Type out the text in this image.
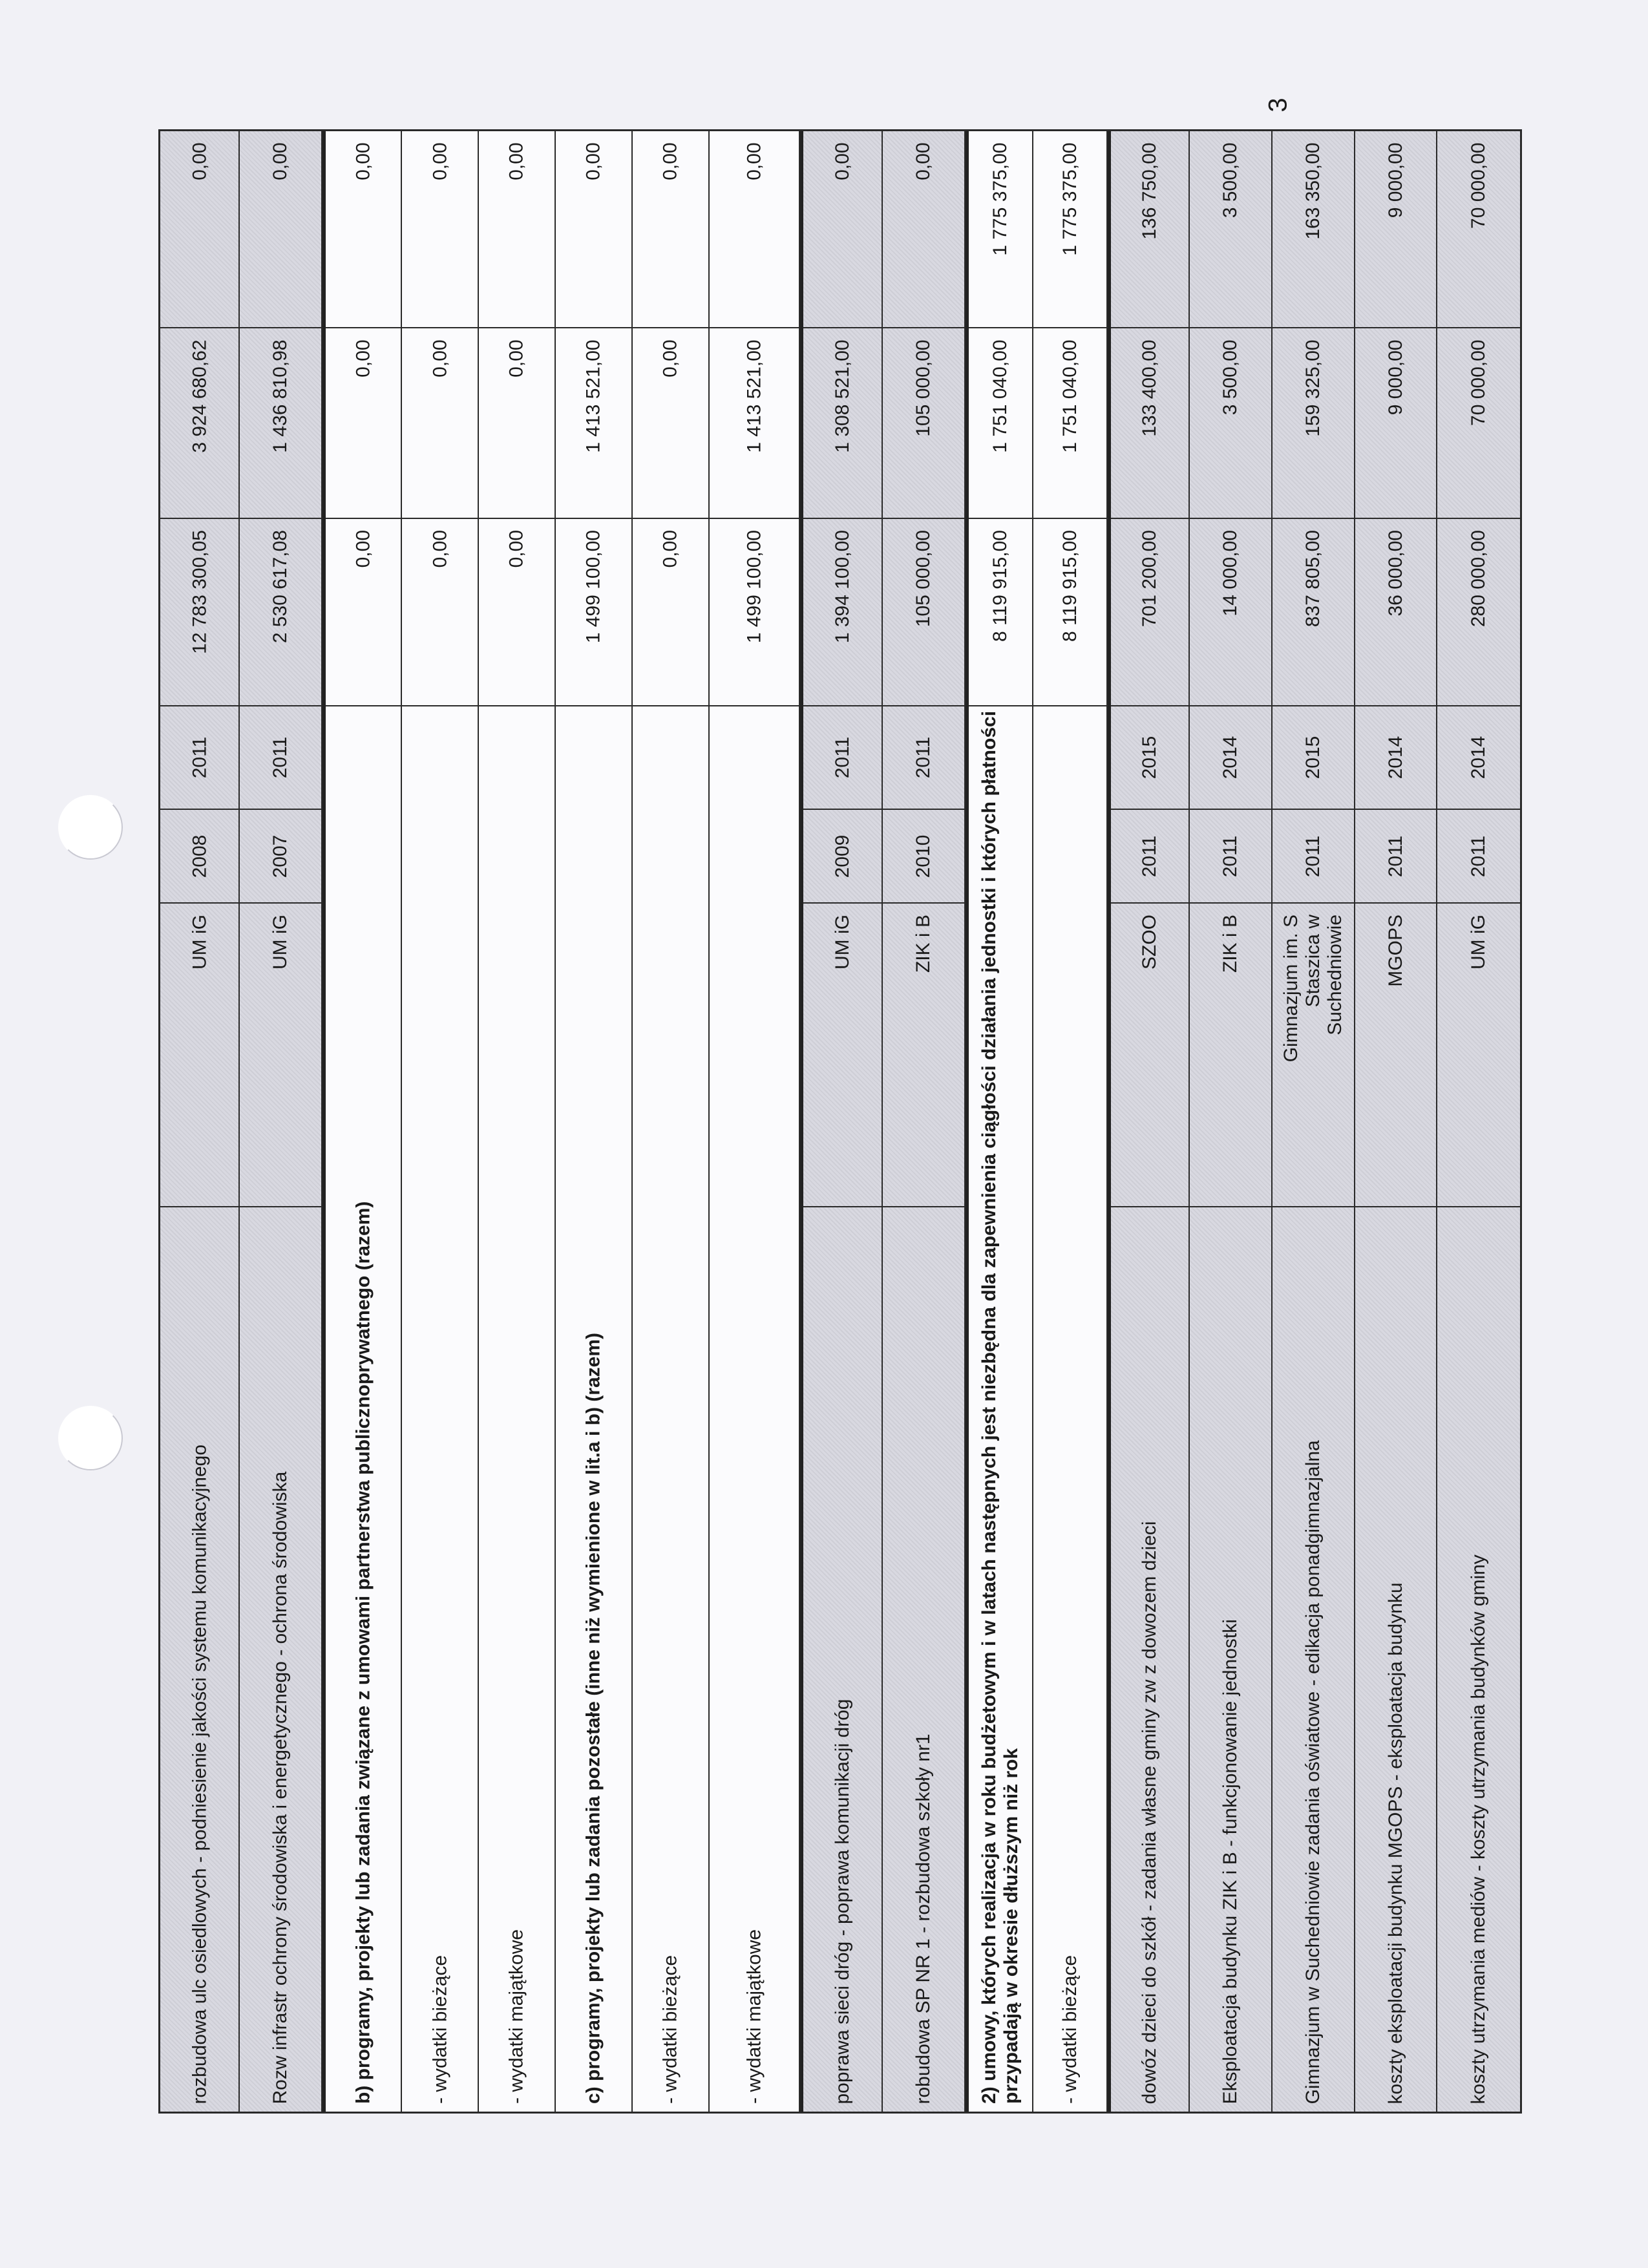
3
0,00
3 924 680,62
12 783 300,05
2011
2008
UM iG
rozbudowa ulc osiedlowych - podniesienie jakości systemu komunikacyjnego
0,00
1 436 810,98
2 530 617,08
2011
2007
UM iG
Rozw infrastr ochrony środowiska i energetycznego - ochrona środowiska
0,00
0,00
0,00
b) programy, projekty lub zadania związane z umowami partnerstwa publicznoprywatnego (razem)
0,00
0,00
0,00
- wydatki bieżące
0,00
0,00
0,00
- wydatki majątkowe
0,00
1 413 521,00
1 499 100,00
c) programy, projekty lub zadania pozostałe (inne niż wymienione w lit.a i b) (razem)
0,00
0,00
0,00
- wydatki bieżące
0,00
1 413 521,00
1 499 100,00
- wydatki majątkowe
0,00
1 308 521,00
1 394 100,00
2011
2009
UM iG
poprawa sieci dróg - poprawa komunikacji dróg
0,00
105 000,00
105 000,00
2011
2010
ZIK i B
robudowa SP NR 1 - rozbudowa szkoły nr1
1 775 375,00
1 751 040,00
8 119 915,00
2) umowy, których realizacja w roku budżetowym i w latach następnych jest niezbędna dla zapewnienia ciągłości działania jednostki i których płatności przypadają w okresie dłuższym niż rok
1 775 375,00
1 751 040,00
8 119 915,00
- wydatki bieżące
136 750,00
133 400,00
701 200,00
2015
2011
SZOO
dowóz dzieci do szkół - zadania własne gminy zw z dowozem dzieci
3 500,00
3 500,00
14 000,00
2014
2011
ZIK i B
Eksploatacja budynku ZIK i B - funkcjonowanie jednostki
163 350,00
159 325,00
837 805,00
2015
2011
Gimnazjum im. S
Staszica w
Suchedniowie
Gimnazjum w Suchedniowie zadania oświatowe - edikacja ponadgimnazjalna
9 000,00
9 000,00
36 000,00
2014
2011
MGOPS
koszty eksploatacji budynku MGOPS - eksploatacja budynku
70 000,00
70 000,00
280 000,00
2014
2011
UM iG
koszty utrzymania mediów - koszty utrzymania budynków gminy
